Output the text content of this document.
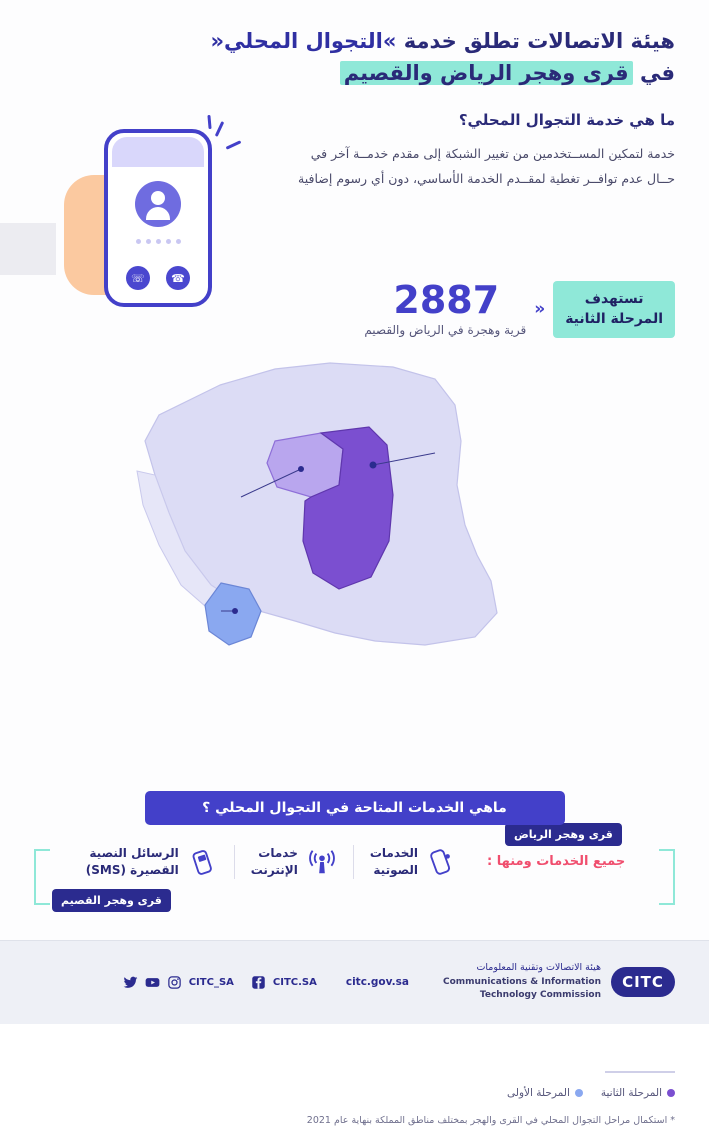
هيئة الاتصالات تطلق خدمة »التجوال المحلي«
في قرى وهجر الرياض والقصيم
☎
☏
ما هي خدمة التجوال المحلي؟
خدمة لتمكين المســتخدمين من تغيير الشبكة إلى مقدم خدمــة آخر في حــال عدم توافــر تغطية لمقــدم الخدمة الأساسي، دون أي رسوم إضافية
تستهدف
المرحلة الثانية
«
2887
قرية وهجرة في الرياض والقصيم
قرى وهجر الرياض
قرى وهجر القصيم
المرحلة الثانية
المرحلة الأولى
* استكمال مراحل التجوال المحلي في القرى والهجر بمختلف مناطق المملكة بنهاية عام 2021
ماهي الخدمات المتاحة في التجوال المحلي ؟
جميع الخدمات ومنها :
الخدمات
الصوتية
خدمات
الإنترنت
الرسائل النصية
القصيرة (SMS)
CITC
هيئة الاتصالات وتقنية المعلومات
Communications & Information
Technology Commission
CITC_SA	CITC.SA	citc.gov.sa
